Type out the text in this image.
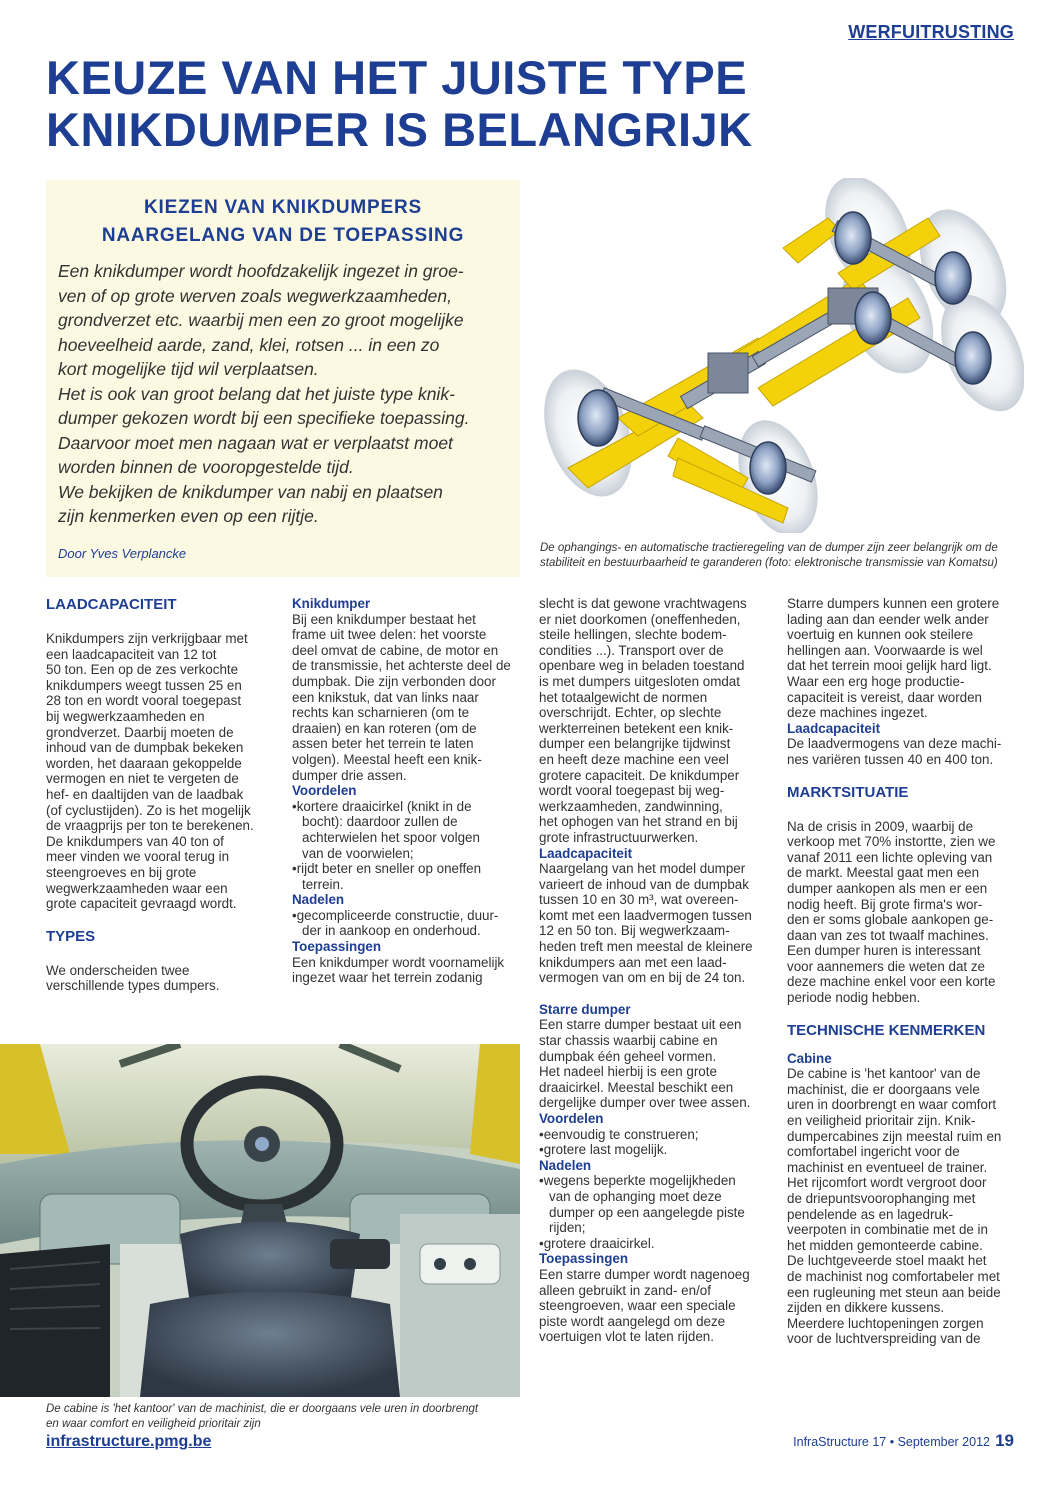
WERFUITRUSTING
KEUZE VAN HET JUISTE TYPE
KNIKDUMPER IS BELANGRIJK
KIEZEN VAN KNIKDUMPERS
NAARGELANG VAN DE TOEPASSING
Een knikdumper wordt hoofdzakelijk ingezet in groe-
ven of op grote werven zoals wegwerkzaamheden,
grondverzet etc. waarbij men een zo groot mogelijke
hoeveelheid aarde, zand, klei, rotsen ... in een zo
kort mogelijke tijd wil verplaatsen.
Het is ook van groot belang dat het juiste type knik-
dumper gekozen wordt bij een specifieke toepassing.
Daarvoor moet men nagaan wat er verplaatst moet
worden binnen de vooropgestelde tijd.
We bekijken de knikdumper van nabij en plaatsen
zijn kenmerken even op een rijtje.
Door Yves Verplancke	De ophangings- en automatische tractieregeling van de dumper zijn zeer belangrijk om de
stabiliteit en bestuurbaarheid te garanderen (foto: elektronische transmissie van Komatsu)
LAADCAPACITEIT
Knikdumpers zijn verkrijgbaar met
een laadcapaciteit van 12 tot
50 ton. Een op de zes verkochte
knikdumpers weegt tussen 25 en
28 ton en wordt vooral toegepast
bij wegwerkzaamheden en
grondverzet. Daarbij moeten de
inhoud van de dumpbak bekeken
worden, het daaraan gekoppelde
vermogen en niet te vergeten de
hef- en daaltijden van de laadbak
(of cyclustijden). Zo is het mogelijk
de vraagprijs per ton te berekenen.
De knikdumpers van 40 ton of
meer vinden we vooral terug in
steengroeves en bij grote
wegwerkzaamheden waar een
grote capaciteit gevraagd wordt.
TYPES
We onderscheiden twee
verschillende types dumpers.
Knikdumper
Bij een knikdumper bestaat het
frame uit twee delen: het voorste
deel omvat de cabine, de motor en
de transmissie, het achterste deel de
dumpbak. Die zijn verbonden door
een knikstuk, dat van links naar
rechts kan scharnieren (om te
draaien) en kan roteren (om de
assen beter het terrein te laten
volgen). Meestal heeft een knik-
dumper drie assen.
Voordelen
•kortere draaicirkel (knikt in de
bocht): daardoor zullen de
achterwielen het spoor volgen
van de voorwielen;
•rijdt beter en sneller op oneffen
terrein.
Nadelen
•gecompliceerde constructie, duur-
der in aankoop en onderhoud.
Toepassingen
Een knikdumper wordt voornamelijk
ingezet waar het terrein zodanig
slecht is dat gewone vrachtwagens
er niet doorkomen (oneffenheden,
steile hellingen, slechte bodem-
condities ...). Transport over de
openbare weg in beladen toestand
is met dumpers uitgesloten omdat
het totaalgewicht de normen
overschrijdt. Echter, op slechte
werkterreinen betekent een knik-
dumper een belangrijke tijdwinst
en heeft deze machine een veel
grotere capaciteit. De knikdumper
wordt vooral toegepast bij weg-
werkzaamheden, zandwinning,
het ophogen van het strand en bij
grote infrastructuurwerken.
Laadcapaciteit
Naargelang van het model dumper
varieert de inhoud van de dumpbak
tussen 10 en 30 m³, wat overeen-
komt met een laadvermogen tussen
12 en 50 ton. Bij wegwerkzaam-
heden treft men meestal de kleinere
knikdumpers aan met een laad-
vermogen van om en bij de 24 ton.
Starre dumper
Een starre dumper bestaat uit een
star chassis waarbij cabine en
dumpbak één geheel vormen.
Het nadeel hierbij is een grote
draaicirkel. Meestal beschikt een
dergelijke dumper over twee assen.
Voordelen
•eenvoudig te construeren;
•grotere last mogelijk.
Nadelen
•wegens beperkte mogelijkheden
van de ophanging moet deze
dumper op een aangelegde piste
rijden;
•grotere draaicirkel.
Toepassingen
Een starre dumper wordt nagenoeg
alleen gebruikt in zand- en/of
steengroeven, waar een speciale
piste wordt aangelegd om deze
voertuigen vlot te laten rijden.
Starre dumpers kunnen een grotere
lading aan dan eender welk ander
voertuig en kunnen ook steilere
hellingen aan. Voorwaarde is wel
dat het terrein mooi gelijk hard ligt.
Waar een erg hoge productie-
capaciteit is vereist, daar worden
deze machines ingezet.
Laadcapaciteit
De laadvermogens van deze machi-
nes variëren tussen 40 en 400 ton.
MARKTSITUATIE
Na de crisis in 2009, waarbij de
verkoop met 70% instortte, zien we
vanaf 2011 een lichte opleving van
de markt. Meestal gaat men een
dumper aankopen als men er een
nodig heeft. Bij grote firma's wor-
den er soms globale aankopen ge-
daan van zes tot twaalf machines.
Een dumper huren is interessant
voor aannemers die weten dat ze
deze machine enkel voor een korte
periode nodig hebben.
TECHNISCHE KENMERKEN
Cabine
De cabine is 'het kantoor' van de
machinist, die er doorgaans vele
uren in doorbrengt en waar comfort
en veiligheid prioritair zijn. Knik-
dumpercabines zijn meestal ruim en
comfortabel ingericht voor de
machinist en eventueel de trainer.
Het rijcomfort wordt vergroot door
de driepuntsvoorophanging met
pendelende as en lagedruk-
veerpoten in combinatie met de in
het midden gemonteerde cabine.
De luchtgeveerde stoel maakt het
de machinist nog comfortabeler met
een rugleuning met steun aan beide
zijden en dikkere kussens.
Meerdere luchtopeningen zorgen
voor de luchtverspreiding van de
De cabine is 'het kantoor' van de machinist, die er doorgaans vele uren in doorbrengt
en waar comfort en veiligheid prioritair zijn
infrastructure.pmg.be	InfraStructure 17 • September 2012 19
